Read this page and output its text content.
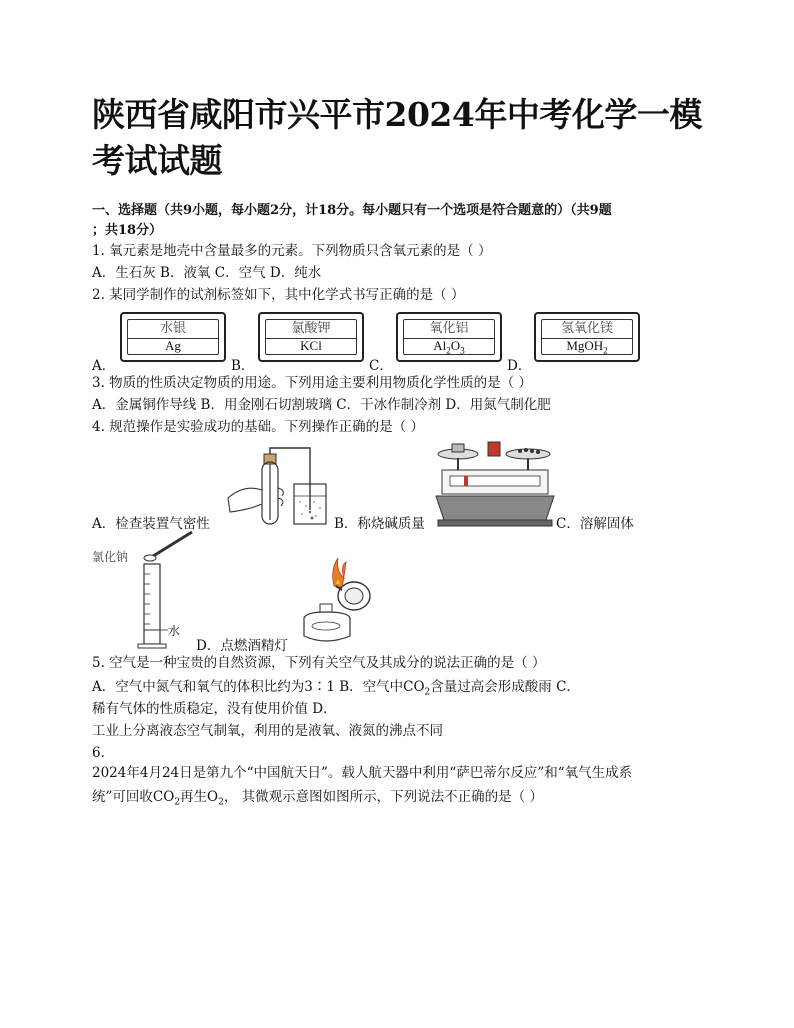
陕西省咸阳市兴平市2024年中考化学一模考试试题
一、选择题（共9小题，每小题2分，计18分。每小题只有一个选项是符合题意的）（共9题
；共18分）
1. 氧元素是地壳中含量最多的元素。下列物质只含氧元素的是（ ）
A．生石灰 B．液氧 C．空气 D．纯水
2. 某同学制作的试剂标签如下，其中化学式书写正确的是（ ）
A．
水银
Ag
B．
氯酸钾
KCl
C．
氧化铝
$Al_2O_3$
D．
氢氧化镁
MgOH$_2$
3. 物质的性质决定物质的用途。下列用途主要利用物质化学性质的是（ ）
A．金属铜作导线 B．用金刚石切割玻璃 C．干冰作制冷剂 D．用氮气制化肥
4. 规范操作是实验成功的基础。下列操作正确的是（ ）
A．检查装置气密性	B．称烧碱质量	C．溶解固体
氯化钠
水
D．点燃酒精灯
5. 空气是一种宝贵的自然资源，下列有关空气及其成分的说法正确的是（ ）
A．空气中氮气和氧气的体积比约为3∶1 B．空气中$CO_2$含量过高会形成酸雨 C．
稀有气体的性质稳定，没有使用价值 D．
工业上分离液态空气制氧，利用的是液氧、液氮的沸点不同
6.
2024年4月24日是第九个“中国航天日”。载人航天器中利用“萨巴蒂尔反应”和“氧气生成系
统”可回收$CO_2$再生$O_2$， 其微观示意图如图所示，下列说法不正确的是（ ）
